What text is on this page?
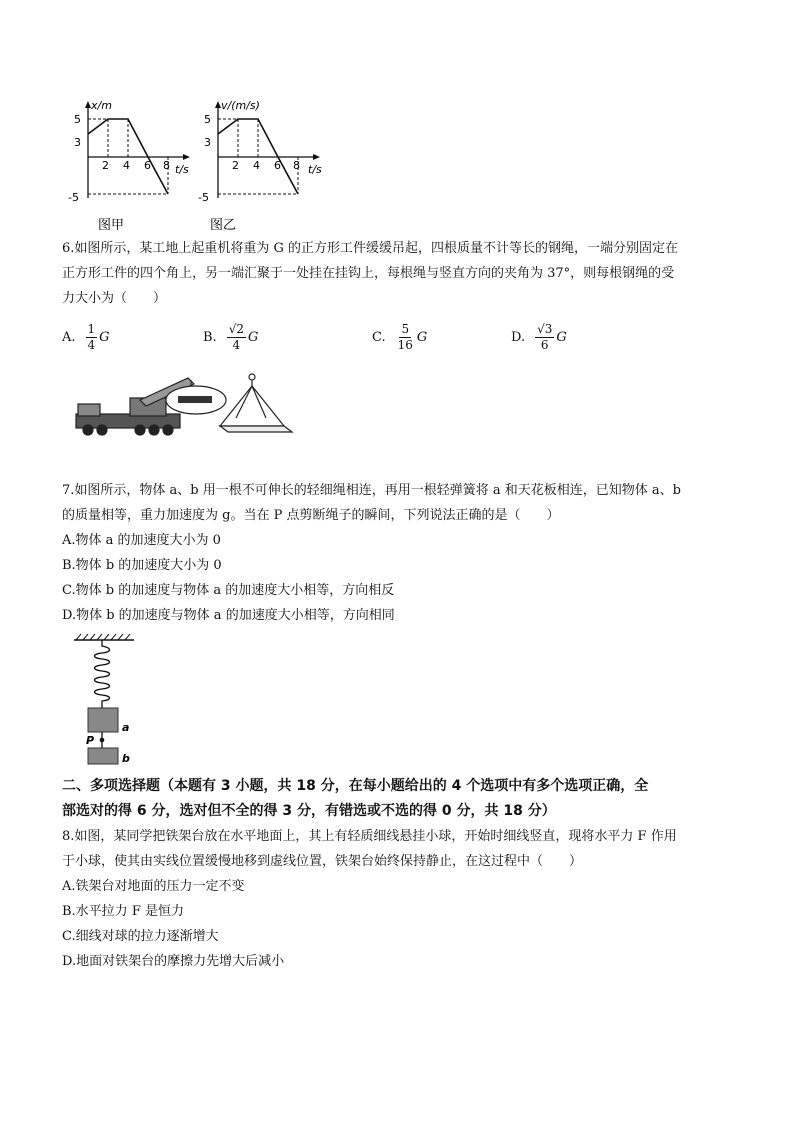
x/m
t/s
5
3
-5
2 4 6 8
图甲
v/(m/s)
t/s
5
3
-5
2 4 6 8
图乙
6.如图所示，某工地上起重机将重为 G 的正方形工件缓缓吊起，四根质量不计等长的钢绳，一端分别固定在
正方形工件的四个角上，另一端汇聚于一处挂在挂钩上，每根绳与竖直方向的夹角为 37°，则每根钢绳的受
力大小为（　　）
A. $\frac{1}{4}$ G	B. $\frac{√2}{4}$ G	C. $\frac{5}{16}$ G	D. $\frac{√3}{6}$ G
7.如图所示，物体 a、b 用一根不可伸长的轻细绳相连，再用一根轻弹簧将 a 和天花板相连，已知物体 a、b
的质量相等，重力加速度为 g。当在 P 点剪断绳子的瞬间，下列说法正确的是（　　）
A.物体 a 的加速度大小为 0
B.物体 b 的加速度大小为 0
C.物体 b 的加速度与物体 a 的加速度大小相等，方向相反
D.物体 b 的加速度与物体 a 的加速度大小相等，方向相同
a
P
b
二、多项选择题（本题有 3 小题，共 18 分，在每小题给出的 4 个选项中有多个选项正确，全
部选对的得 6 分，选对但不全的得 3 分，有错选或不选的得 0 分，共 18 分）
8.如图，某同学把铁架台放在水平地面上，其上有轻质细线悬挂小球，开始时细线竖直，现将水平力 F 作用
于小球，使其由实线位置缓慢地移到虚线位置，铁架台始终保持静止，在这过程中（　　）
A.铁架台对地面的压力一定不变
B.水平拉力 F 是恒力
C.细线对球的拉力逐渐增大
D.地面对铁架台的摩擦力先增大后减小
